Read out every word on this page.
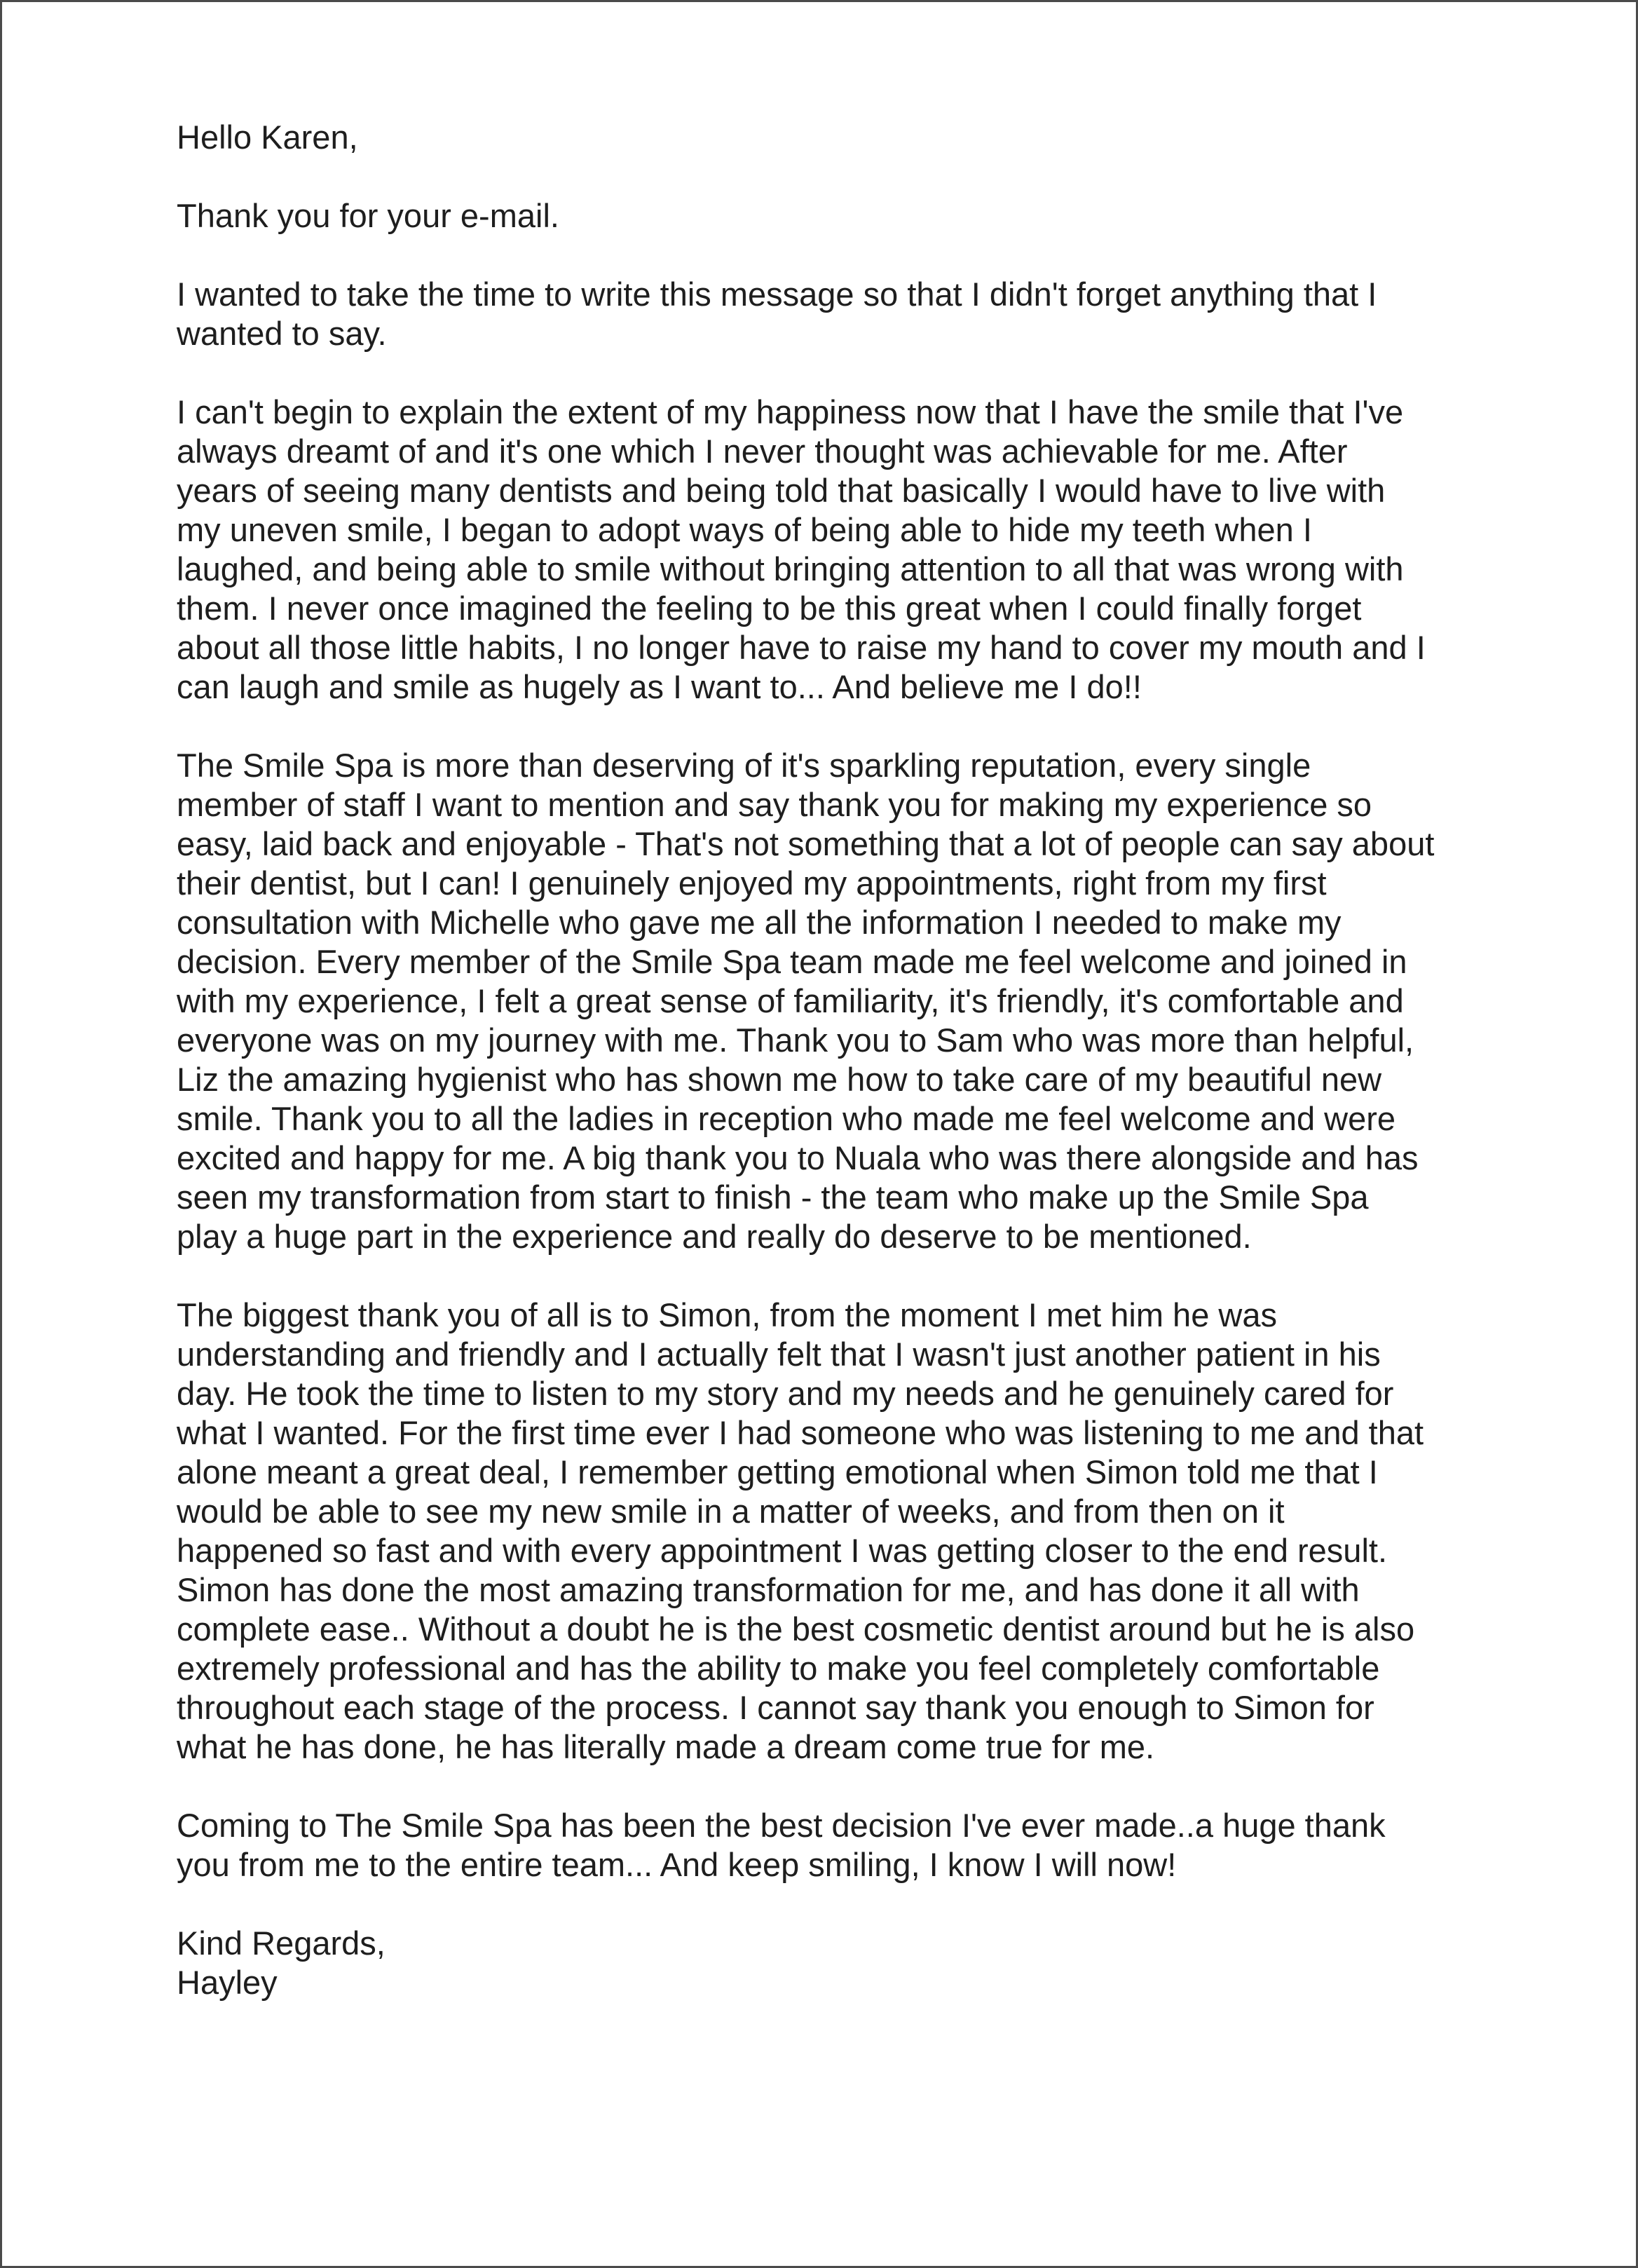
Hello Karen,

Thank you for your e-mail.

I wanted to take the time to write this message so that I didn't forget anything that I
wanted to say.

I can't begin to explain the extent of my happiness now that I have the smile that I've
always dreamt of and it's one which I never thought was achievable for me. After
years of seeing many dentists and being told that basically I would have to live with
my uneven smile, I began to adopt ways of being able to hide my teeth when I
laughed, and being able to smile without bringing attention to all that was wrong with
them. I never once imagined the feeling to be this great when I could finally forget
about all those little habits, I no longer have to raise my hand to cover my mouth and I
can laugh and smile as hugely as I want to... And believe me I do!!

The Smile Spa is more than deserving of it's sparkling reputation, every single
member of staff I want to mention and say thank you for making my experience so
easy, laid back and enjoyable - That's not something that a lot of people can say about
their dentist, but I can! I genuinely enjoyed my appointments, right from my first
consultation with Michelle who gave me all the information I needed to make my
decision. Every member of the Smile Spa team made me feel welcome and joined in
with my experience, I felt a great sense of familiarity, it's friendly, it's comfortable and
everyone was on my journey with me. Thank you to Sam who was more than helpful,
Liz the amazing hygienist who has shown me how to take care of my beautiful new
smile. Thank you to all the ladies in reception who made me feel welcome and were
excited and happy for me. A big thank you to Nuala who was there alongside and has
seen my transformation from start to finish - the team who make up the Smile Spa
play a huge part in the experience and really do deserve to be mentioned.

The biggest thank you of all is to Simon, from the moment I met him he was
understanding and friendly and I actually felt that I wasn't just another patient in his
day. He took the time to listen to my story and my needs and he genuinely cared for
what I wanted. For the first time ever I had someone who was listening to me and that
alone meant a great deal, I remember getting emotional when Simon told me that I
would be able to see my new smile in a matter of weeks, and from then on it
happened so fast and with every appointment I was getting closer to the end result.
Simon has done the most amazing transformation for me, and has done it all with
complete ease.. Without a doubt he is the best cosmetic dentist around but he is also
extremely professional and has the ability to make you feel completely comfortable
throughout each stage of the process. I cannot say thank you enough to Simon for
what he has done, he has literally made a dream come true for me.

Coming to The Smile Spa has been the best decision I've ever made..a huge thank
you from me to the entire team... And keep smiling, I know I will now!

Kind Regards,

Hayley
